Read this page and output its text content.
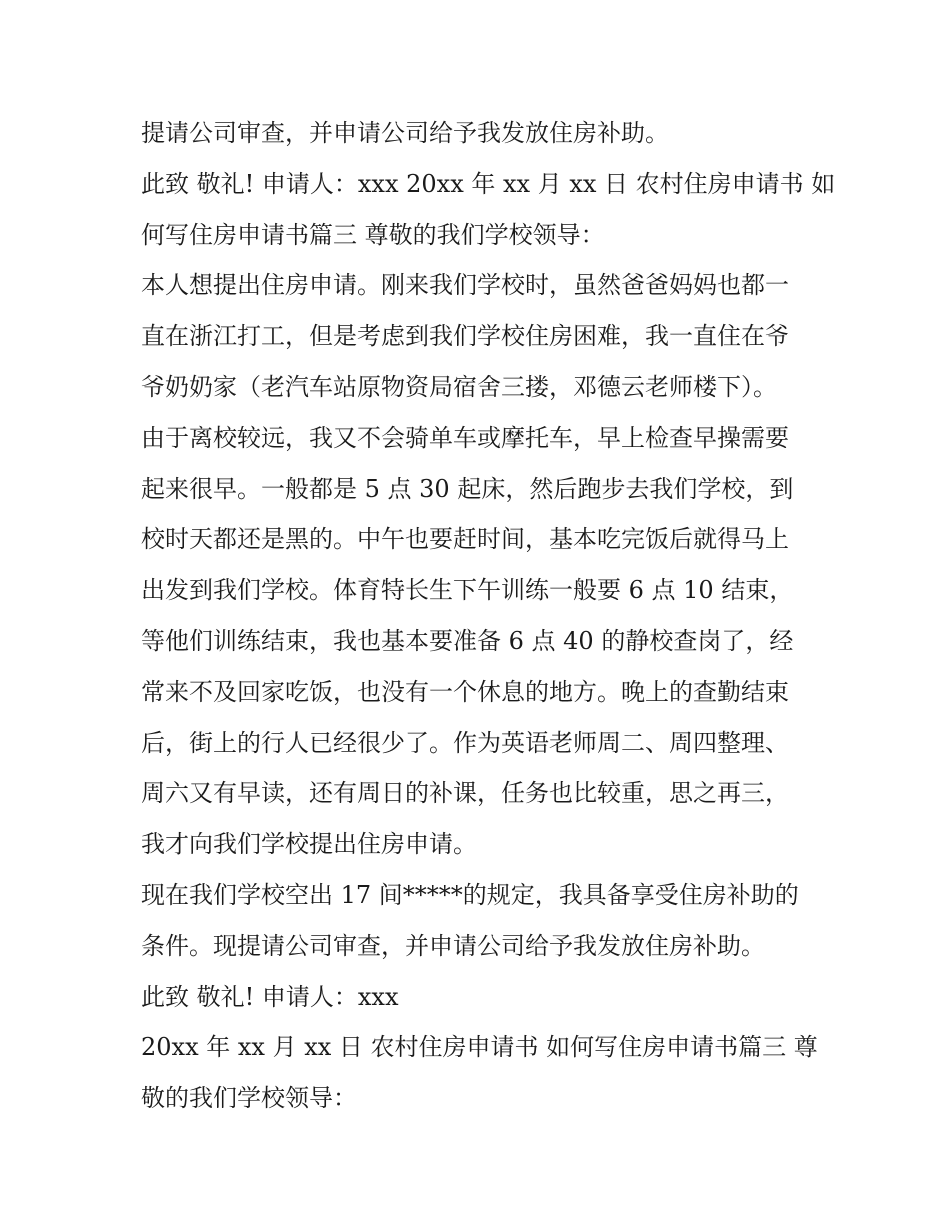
提请公司审查，并申请公司给予我发放住房补助。
此致 敬礼! 申请人：xxx 20xx 年 xx 月 xx 日 农村住房申请书 如
何写住房申请书篇三 尊敬的我们学校领导：
本人想提出住房申请。刚来我们学校时，虽然爸爸妈妈也都一
直在浙江打工，但是考虑到我们学校住房困难，我一直住在爷
爷奶奶家（老汽车站原物资局宿舍三搂，邓德云老师楼下）。
由于离校较远，我又不会骑单车或摩托车，早上检查早操需要
起来很早。一般都是 5 点 30 起床，然后跑步去我们学校，到
校时天都还是黑的。中午也要赶时间，基本吃完饭后就得马上
出发到我们学校。体育特长生下午训练一般要 6 点 10 结束，
等他们训练结束，我也基本要准备 6 点 40 的静校查岗了，经
常来不及回家吃饭，也没有一个休息的地方。晚上的查勤结束
后，街上的行人已经很少了。作为英语老师周二、周四整理、
周六又有早读，还有周日的补课，任务也比较重，思之再三，
我才向我们学校提出住房申请。
现在我们学校空出 17 间*****的规定，我具备享受住房补助的
条件。现提请公司审查，并申请公司给予我发放住房补助。
此致 敬礼! 申请人：xxx
20xx 年 xx 月 xx 日 农村住房申请书 如何写住房申请书篇三 尊
敬的我们学校领导：
